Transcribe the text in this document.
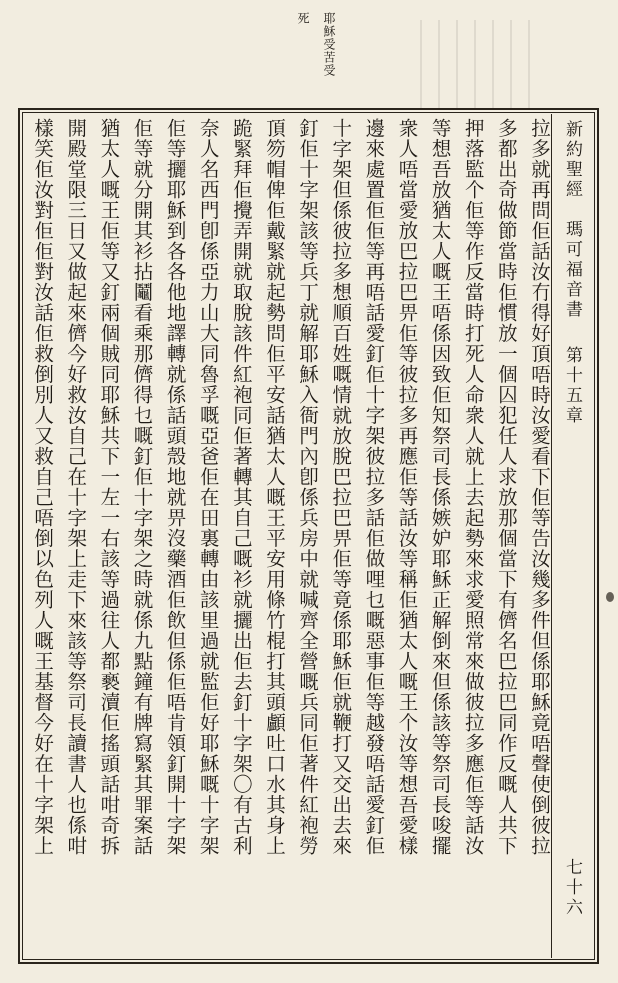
耶穌受苦受
死
新約聖經　瑪可福音書
第十五章
七十六
拉多就再問佢話汝冇得好頂唔時汝愛看下佢等告汝幾多件但係耶穌竟唔聲使倒彼拉
多都出奇做節當時佢慣放一個囚犯任人求放那個當下有儕名巴拉巴同作反嘅人共下
押落監个佢等作反當時打死人命衆人就上去起勢來求愛照常來做彼拉多應佢等話汝
等想吾放猶太人嘅王唔係因致佢知祭司長係嫉妒耶穌正解倒來但係該等祭司長唆擺
衆人唔當愛放巴拉巴畀佢等彼拉多再應佢等話汝等稱佢猶太人嘅王个汝等想吾愛樣
邊來處置佢佢等再唔話愛釘佢十字架彼拉多話佢做哩乜嘅惡事佢等越發唔話愛釘佢
十字架但係彼拉多想順百姓嘅情就放脫巴拉巴畀佢等竟係耶穌佢就鞭打又交出去來
釘佢十字架該等兵丁就解耶穌入衙門內卽係兵房中就喊齊全營嘅兵同佢著件紅袍勞
頂笏帽俾佢戴緊就起勢問佢平安話猶太人嘅王平安用條竹棍打其頭顱吐口水其身上
跪緊拜佢攪弄開就取脫該件紅袍同佢著轉其自己嘅衫就攦出佢去釘十字架〇有古利
奈人名西門卽係亞力山大同魯孚嘅亞爸佢在田裏轉由該里過就監佢好耶穌嘅十字架
佢等攦耶穌到各各他地譯轉就係話頭殼地就畀沒藥酒佢飲但係佢唔肯領釘開十字架
佢等就分開其衫拈鬮看乘那儕得乜嘅釘佢十字架之時就係九點鐘有牌寫緊其罪案話
猶太人嘅王佢等又釘兩個賊同耶穌共下一左一右該等過往人都褻瀆佢搖頭話咁奇拆
開殿堂限三日又做起來儕今好救汝自己在十字架上走下來該等祭司長讀書人也係咁
樣笑佢汝對佢佢對汝話佢救倒別人又救自己唔倒以色列人嘅王基督今好在十字架上
